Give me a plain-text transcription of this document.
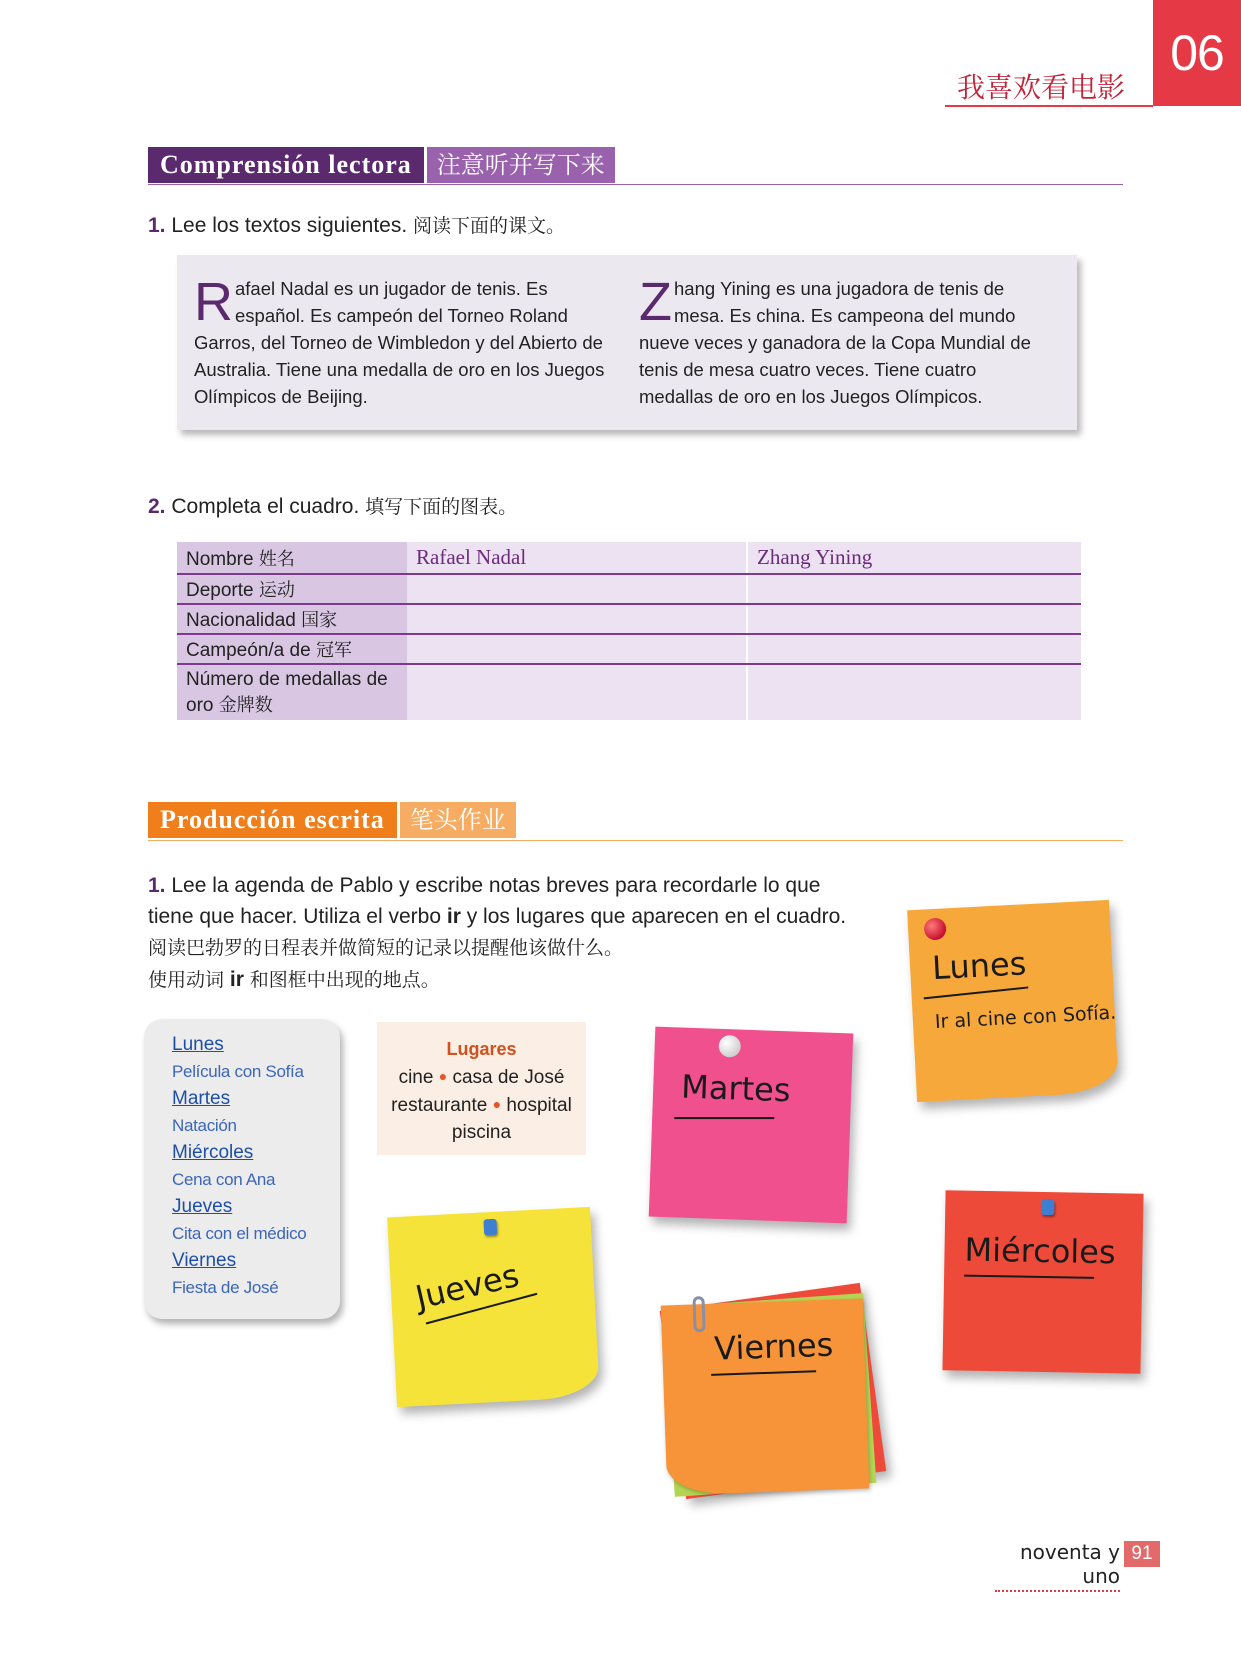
06
我喜欢看电影
Comprensión lectora	注意听并写下来
1. Lee los textos siguientes. 阅读下面的课文。
Rafael Nadal es un jugador de tenis. Es español. Es campeón del Torneo Roland Garros, del Torneo de Wimbledon y del Abierto de Australia. Tiene una medalla de oro en los Juegos Olímpicos de Beijing.
Zhang Yining es una jugadora de tenis de mesa. Es china. Es campeona del mundo nueve veces y ganadora de la Copa Mundial de tenis de mesa cuatro veces. Tiene cuatro medallas de oro en los Juegos Olímpicos.
2. Completa el cuadro. 填写下面的图表。
Nombre 姓名	Rafael Nadal	Zhang Yining
Deporte 运动		
Nacionalidad 国家		
Campeón/a de 冠军		
Número de medallas de oro 金牌数		
Producción escrita	笔头作业
1. Lee la agenda de Pablo y escribe notas breves para recordarle lo que tiene que hacer. Utiliza el verbo ir y los lugares que aparecen en el cuadro. 阅读巴勃罗的日程表并做简短的记录以提醒他该做什么。
使用动词 ir 和图框中出现的地点。
Lunes
Película con Sofía
Martes
Natación
Miércoles
Cena con Ana
Jueves
Cita con el médico
Viernes
Fiesta de José
Lugares
cine ● casa de José
restaurante ● hospital
piscina
Lunes
Ir al cine con Sofía.
Martes
Miércoles
Jueves
Viernes
noventa y uno
91
